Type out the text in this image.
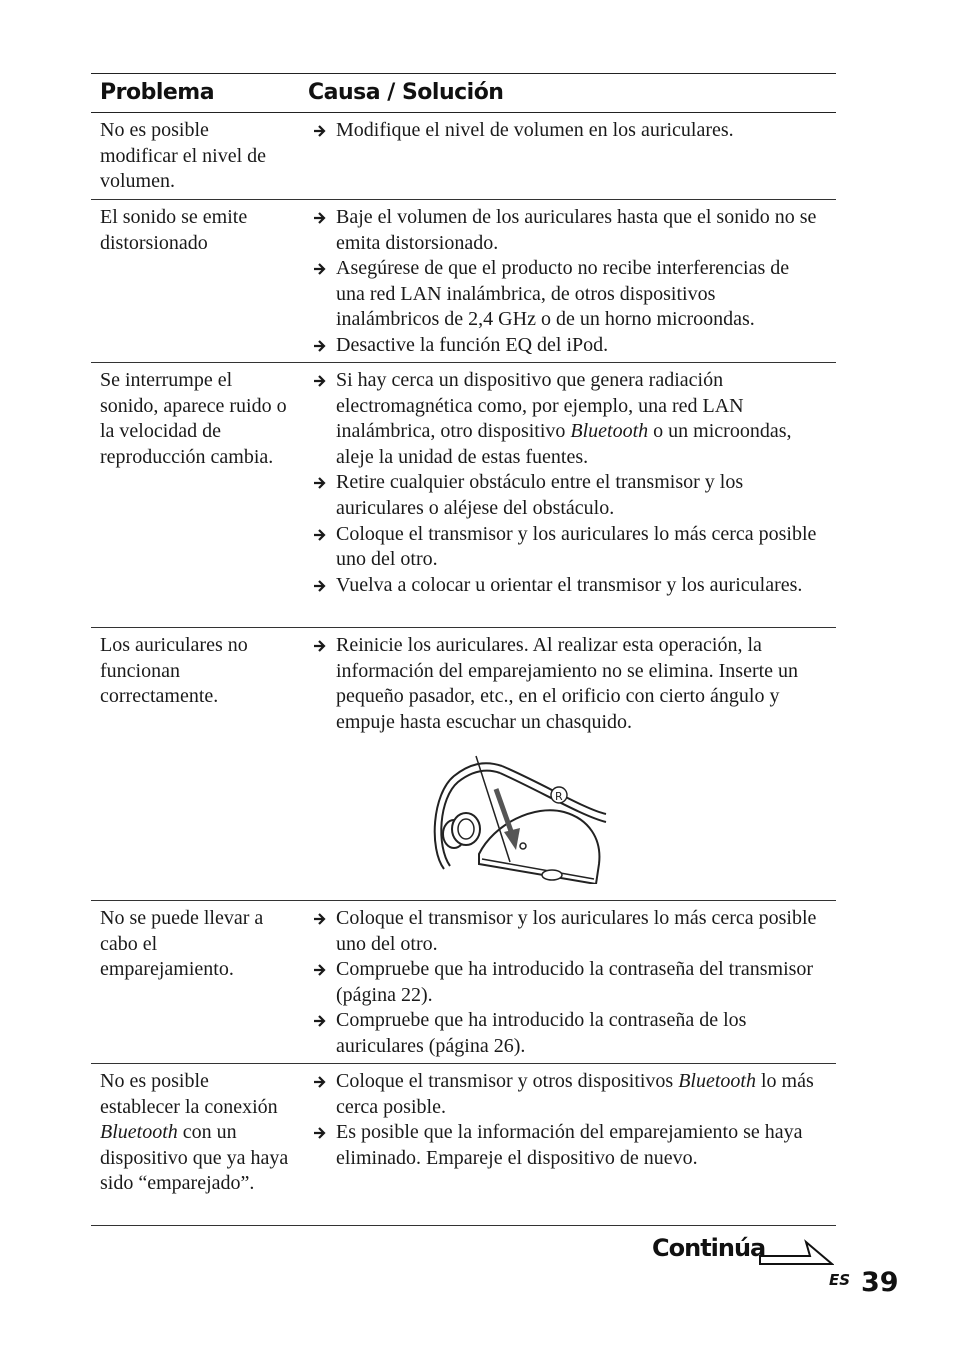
Problema	Causa / Solución
No es posible modificar el nivel de volumen.
Modifique el nivel de volumen en los auriculares.
El sonido se emite distorsionado
Baje el volumen de los auriculares hasta que el sonido no se emita distorsionado.
Asegúrese de que el producto no recibe interferencias de una red LAN inalámbrica, de otros dispositivos inalámbricos de 2,4 GHz o de un horno microondas.
Desactive la función EQ del iPod.
Se interrumpe el sonido, aparece ruido o la velocidad de reproducción cambia.
Si hay cerca un dispositivo que genera radiación electromagnética como, por ejemplo, una red LAN inalámbrica, otro dispositivo Bluetooth o un microondas, aleje la unidad de estas fuentes.
Retire cualquier obstáculo entre el transmisor y los auriculares o aléjese del obstáculo.
Coloque el transmisor y los auriculares lo más cerca posible uno del otro.
Vuelva a colocar u orientar el transmisor y los auriculares.
Los auriculares no funcionan correctamente.
Reinicie los auriculares. Al realizar esta operación, la información del emparejamiento no se elimina. Inserte un pequeño pasador, etc., en el orificio con cierto ángulo y empuje hasta escuchar un chasquido.
R
No se puede llevar a cabo el emparejamiento.
Coloque el transmisor y los auriculares lo más cerca posible uno del otro.
Compruebe que ha introducido la contraseña del transmisor (página 22).
Compruebe que ha introducido la contraseña de los auriculares (página 26).
No es posible establecer la conexión Bluetooth con un dispositivo que ya haya sido “emparejado”.
Coloque el transmisor y otros dispositivos Bluetooth lo más cerca posible.
Es posible que la información del emparejamiento se haya eliminado. Empareje el dispositivo de nuevo.
Continúa
ES 39
